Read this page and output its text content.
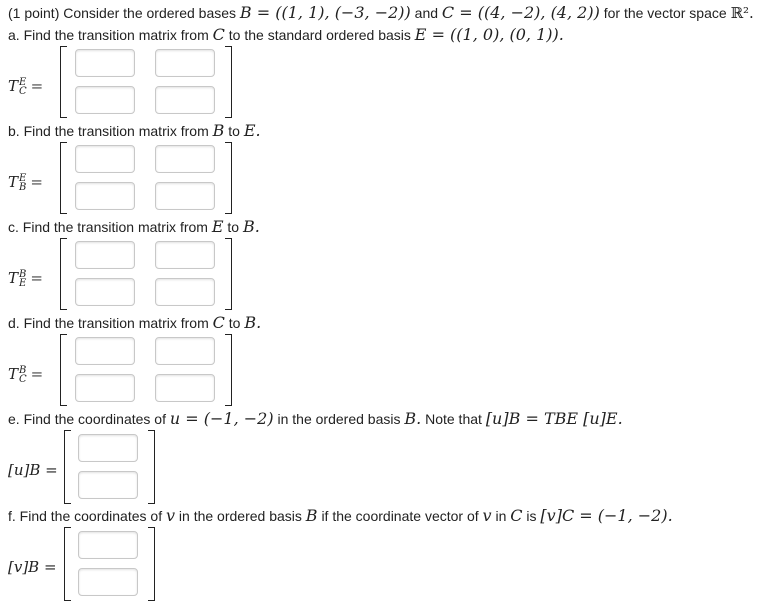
(1 point) Consider the ordered bases B = ((1, 1), (−3, −2)) and C = ((4, −2), (4, 2)) for the vector space ℝ².
a. Find the transition matrix from C to the standard ordered basis E = ((1, 0), (0, 1)).
TE
C =
b. Find the transition matrix from B to E.
TE
B =
c. Find the transition matrix from E to B.
TB
E =
d. Find the transition matrix from C to B.
TB
C =
e. Find the coordinates of u = (−1, −2) in the ordered basis B. Note that [u]B = TBE [u]E.
[u]B =
f. Find the coordinates of v in the ordered basis B if the coordinate vector of v in C is [v]C = (−1, −2).
[v]B =
